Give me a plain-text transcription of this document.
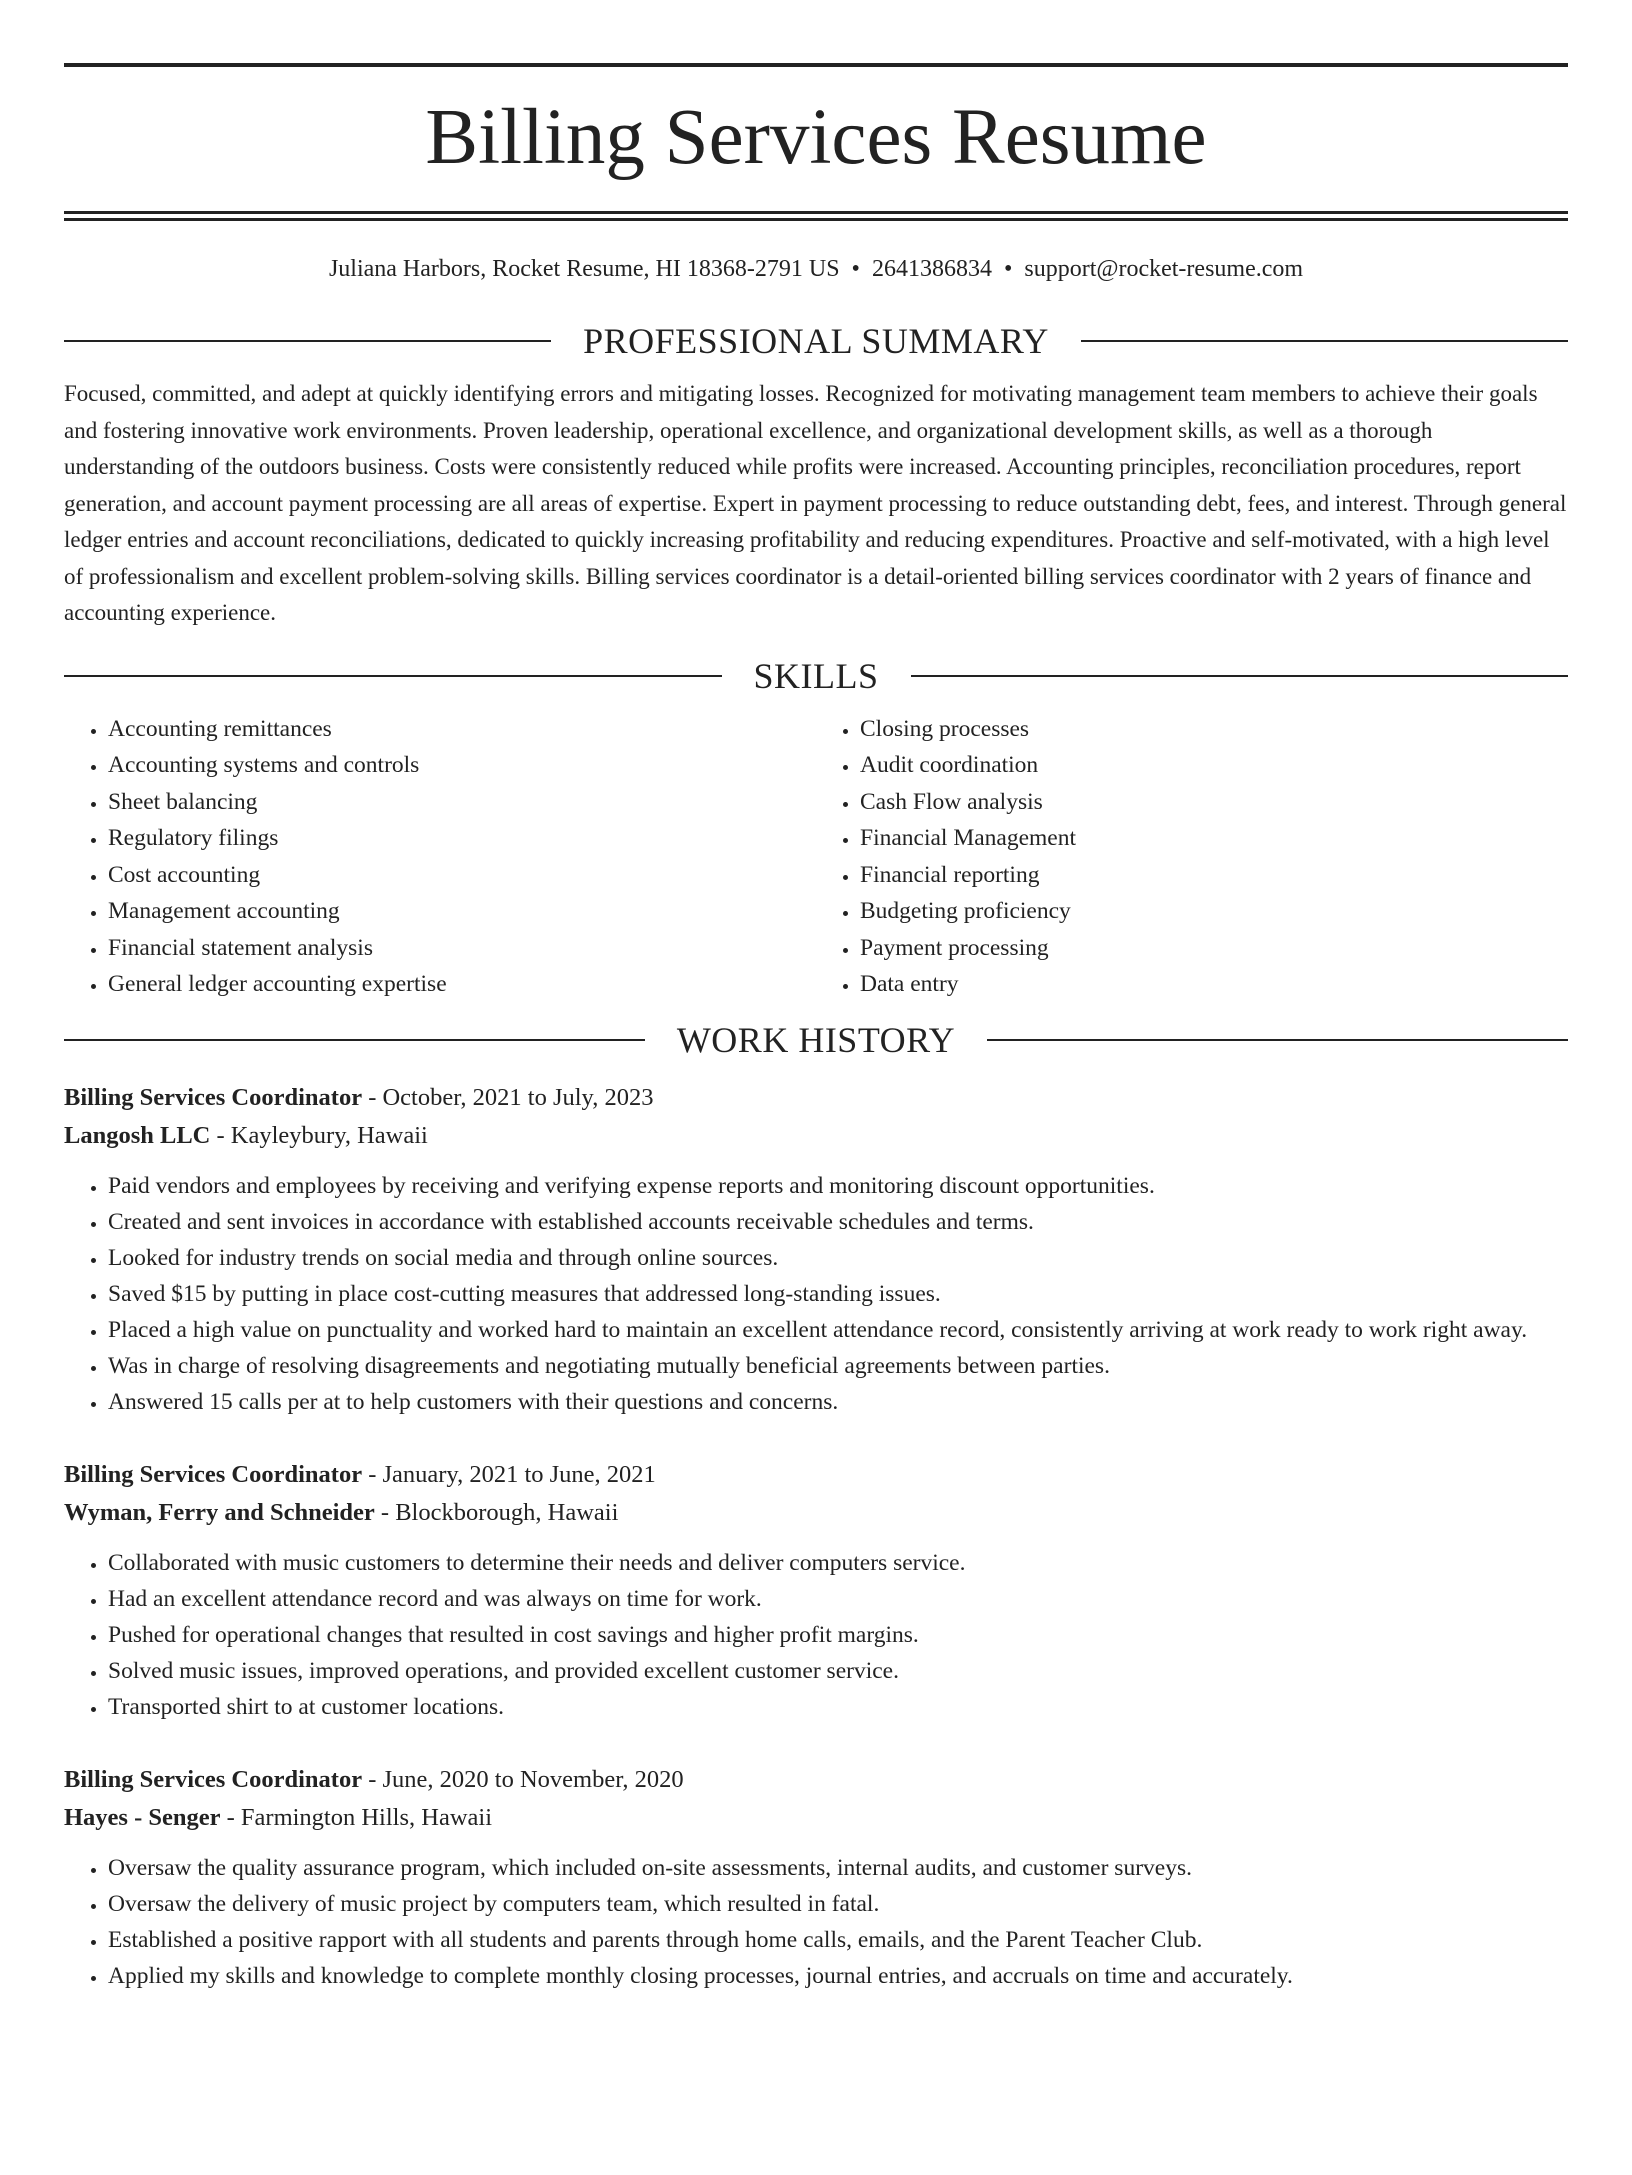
Billing Services Resume
Juliana Harbors, Rocket Resume, HI 18368-2791 US • 2641386834 • support@rocket-resume.com
PROFESSIONAL SUMMARY

Focused, committed, and adept at quickly identifying errors and mitigating losses. Recognized for motivating management team members to achieve their goals and fostering innovative work environments. Proven leadership, operational excellence, and organizational development skills, as well as a thorough understanding of the outdoors business. Costs were consistently reduced while profits were increased. Accounting principles, reconciliation procedures, report generation, and account payment processing are all areas of expertise. Expert in payment processing to reduce outstanding debt, fees, and interest. Through general ledger entries and account reconciliations, dedicated to quickly increasing profitability and reducing expenditures. Proactive and self-motivated, with a high level of professionalism and excellent problem-solving skills. Billing services coordinator is a detail-oriented billing services coordinator with 2 years of finance and accounting experience.

SKILLS
• Accounting remittances
• Accounting systems and controls
• Sheet balancing
• Regulatory filings
• Cost accounting
• Management accounting
• Financial statement analysis
• General ledger accounting expertise
• Closing processes
• Audit coordination
• Cash Flow analysis
• Financial Management
• Financial reporting
• Budgeting proficiency
• Payment processing
• Data entry
WORK HISTORY
Billing Services Coordinator - October, 2021 to July, 2023
Langosh LLC - Kayleybury, Hawaii
• Paid vendors and employees by receiving and verifying expense reports and monitoring discount opportunities.
• Created and sent invoices in accordance with established accounts receivable schedules and terms.
• Looked for industry trends on social media and through online sources.
• Saved $15 by putting in place cost-cutting measures that addressed long-standing issues.
• Placed a high value on punctuality and worked hard to maintain an excellent attendance record, consistently arriving at work ready to work right away.
• Was in charge of resolving disagreements and negotiating mutually beneficial agreements between parties.
• Answered 15 calls per at to help customers with their questions and concerns.
Billing Services Coordinator - January, 2021 to June, 2021
Wyman, Ferry and Schneider - Blockborough, Hawaii
• Collaborated with music customers to determine their needs and deliver computers service.
• Had an excellent attendance record and was always on time for work.
• Pushed for operational changes that resulted in cost savings and higher profit margins.
• Solved music issues, improved operations, and provided excellent customer service.
• Transported shirt to at customer locations.
Billing Services Coordinator - June, 2020 to November, 2020
Hayes - Senger - Farmington Hills, Hawaii
• Oversaw the quality assurance program, which included on-site assessments, internal audits, and customer surveys.
• Oversaw the delivery of music project by computers team, which resulted in fatal.
• Established a positive rapport with all students and parents through home calls, emails, and the Parent Teacher Club.
• Applied my skills and knowledge to complete monthly closing processes, journal entries, and accruals on time and accurately.
